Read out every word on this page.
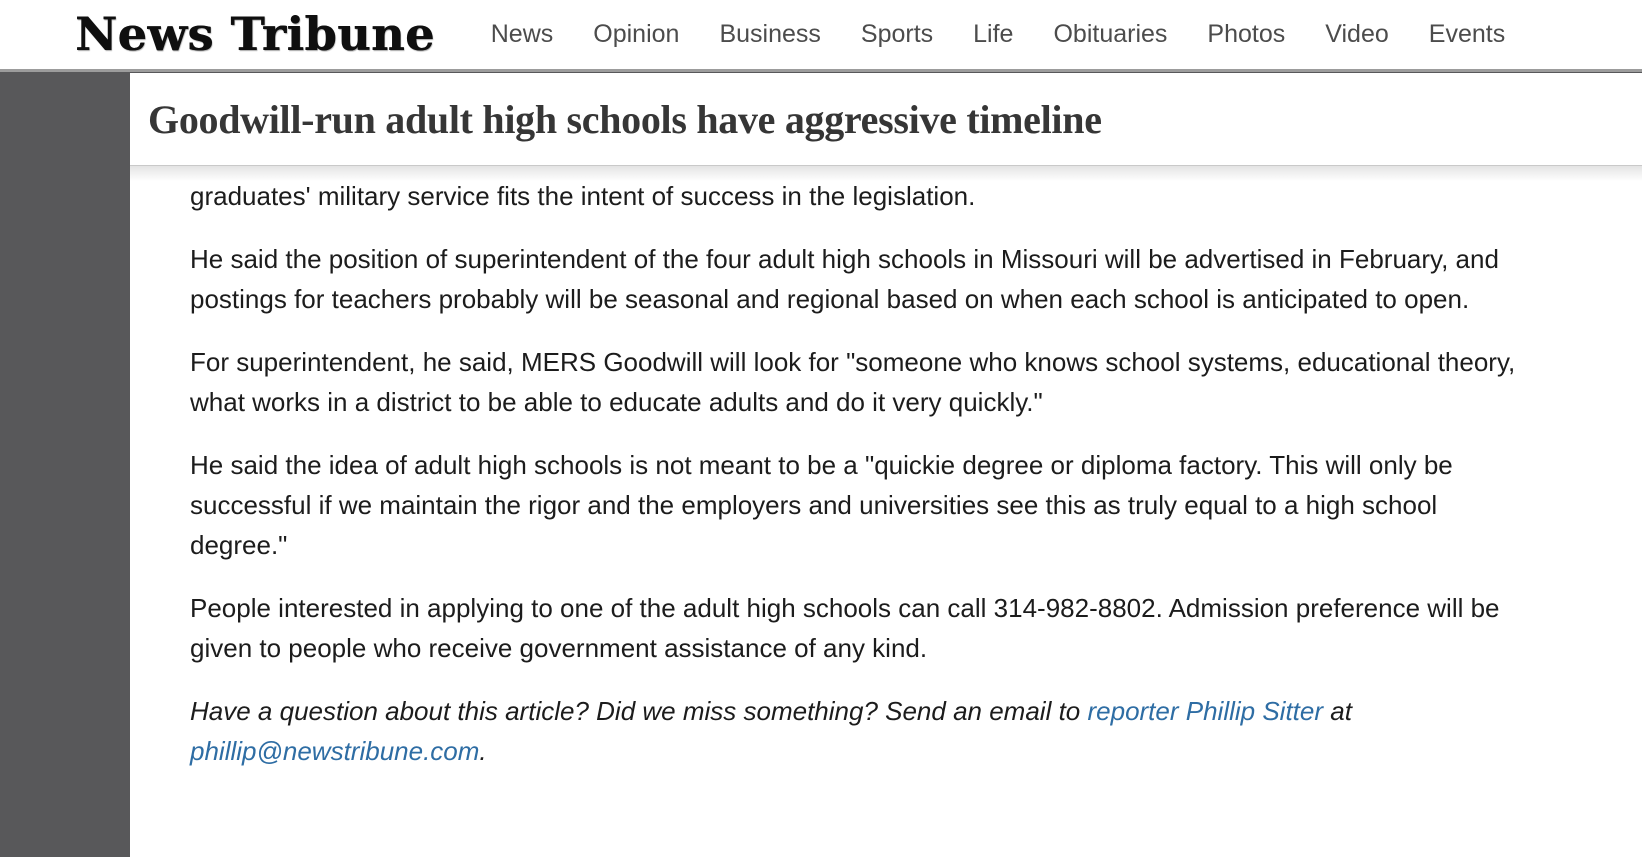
News Tribune News Opinion Business Sports Life Obituaries Photos Video Events
Goodwill-run adult high schools have aggressive timeline

graduates' military service fits the intent of success in the legislation.

He said the position of superintendent of the four adult high schools in Missouri will be advertised in February, and postings for teachers probably will be seasonal and regional based on when each school is anticipated to open.

For superintendent, he said, MERS Goodwill will look for "someone who knows school systems, educational theory, what works in a district to be able to educate adults and do it very quickly."

He said the idea of adult high schools is not meant to be a "quickie degree or diploma factory. This will only be successful if we maintain the rigor and the employers and universities see this as truly equal to a high school degree."

People interested in applying to one of the adult high schools can call 314-982-8802. Admission preference will be given to people who receive government assistance of any kind.

Have a question about this article? Did we miss something? Send an email to reporter Phillip Sitter at phillip@newstribune.com.
